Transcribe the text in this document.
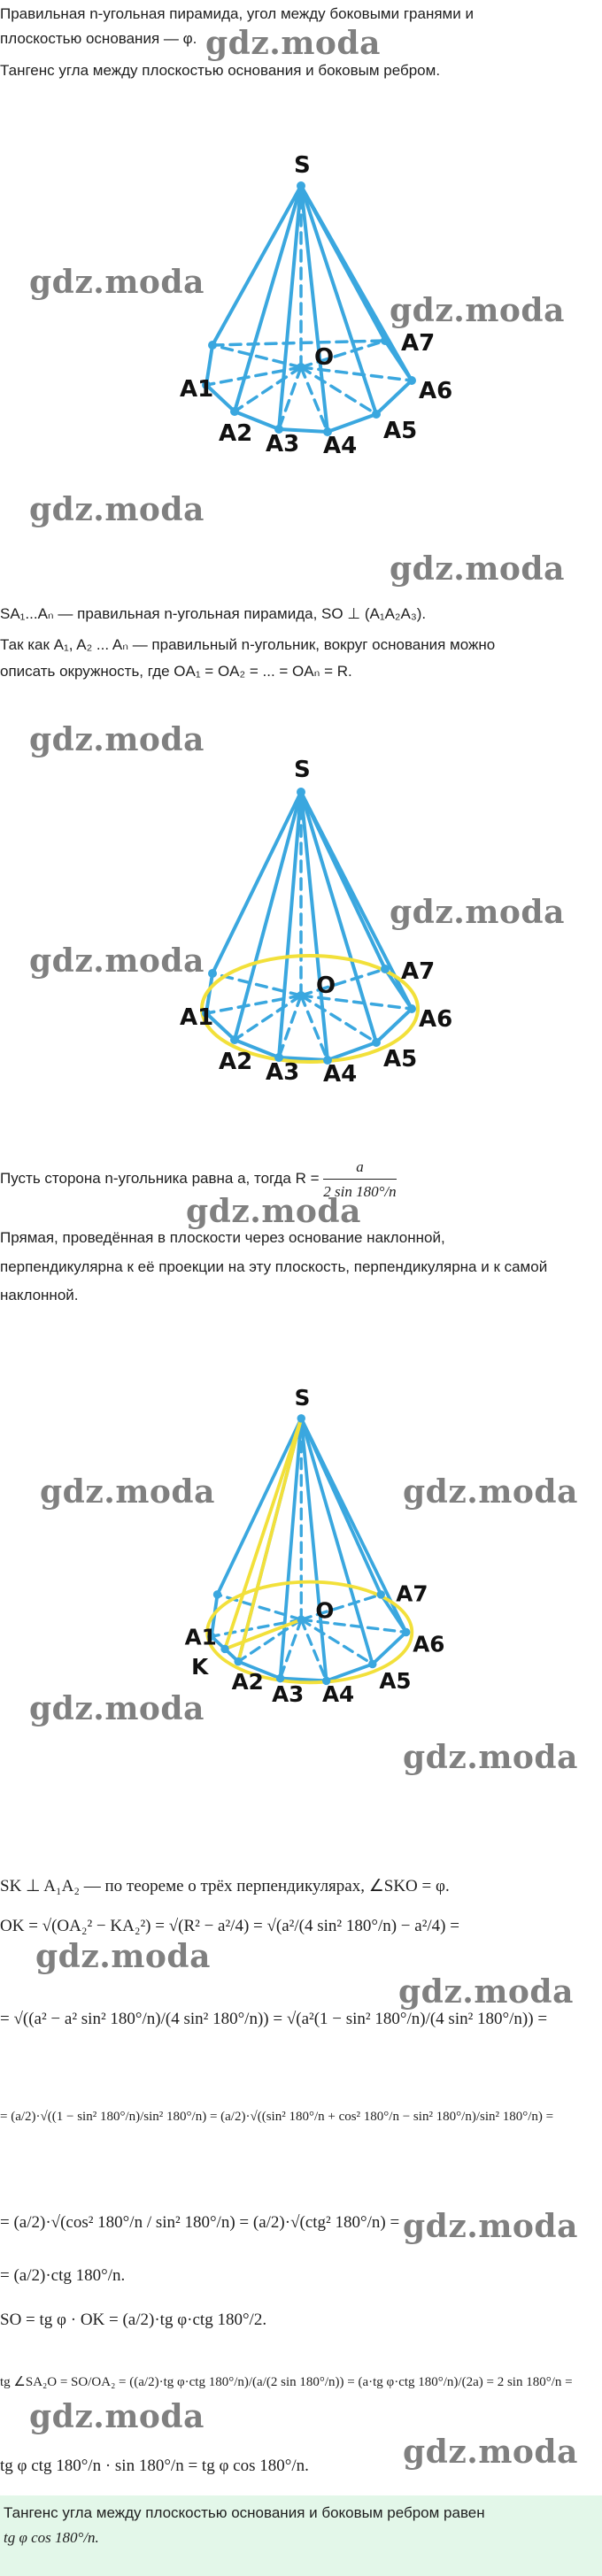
Правильная n-угольная пирамида, угол между боковыми гранями и

плоскостью основания — φ.

Тангенс угла между плоскостью основания и боковым ребром.

gdz.moda
S
O
A1
A2 A3 A4
A5
A6
A7
gdz.moda
gdz.moda
gdz.moda
gdz.moda

SA₁...Aₙ — правильная n-угольная пирамида, SO ⊥ (A₁A₂A₃).

Так как A₁, A₂ ... Aₙ — правильный n-угольник, вокруг основания можно

описать окружность, где OA₁ = OA₂ = ... = OAₙ = R.

gdz.moda
S
O
A1
A2 A3 A4
A5
A6
A7
gdz.moda
gdz.moda
Пусть сторона n-угольника равна a, тогда $R = \frac{a}{2 \sin 180^\circ/n}$
gdz.moda

Прямая, проведённая в плоскости через основание наклонной,

перпендикулярна к её проекции на эту плоскость, перпендикулярна и к самой

наклонной.

S
O
A1
K
A2 A3 A4
A5
A6
A7
gdz.moda	gdz.moda
gdz.moda
gdz.moda
SK ⊥ A₁A₂ — по теореме о трёх перпендикулярах, ∠SKO = φ.
OK = √(OA₂² − KA₂²) = √(R² − a²/4) = √(a²/(4 sin² 180°/n) − a²/4) =
gdz.moda
= √((a² − a² sin² 180°/n)/(4 sin² 180°/n)) = √(a²(1 − sin² 180°/n)/(4 sin² 180°/n)) =
gdz.moda
= (a/2)·√((1 − sin² 180°/n)/sin² 180°/n) = (a/2)·√((sin² 180°/n + cos² 180°/n − sin² 180°/n)/sin² 180°/n) =
= (a/2)·√(cos² 180°/n / sin² 180°/n) = (a/2)·√(ctg² 180°/n) = gdz.moda
= (a/2)·ctg 180°/n.
SO = tg φ · OK = (a/2)·tg φ·ctg 180°/2.
tg ∠SA₂O = SO/OA₂ = ((a/2)·tg φ·ctg 180°/n)/(a/(2 sin 180°/n)) = (a·tg φ·ctg 180°/n)/(2a) = 2 sin 180°/n =
gdz.moda
tg φ ctg 180°/n · sin 180°/n = tg φ cos 180°/n.	gdz.moda
Тангенс угла между плоскостью основания и боковым ребром равен
tg φ cos 180°/n.
